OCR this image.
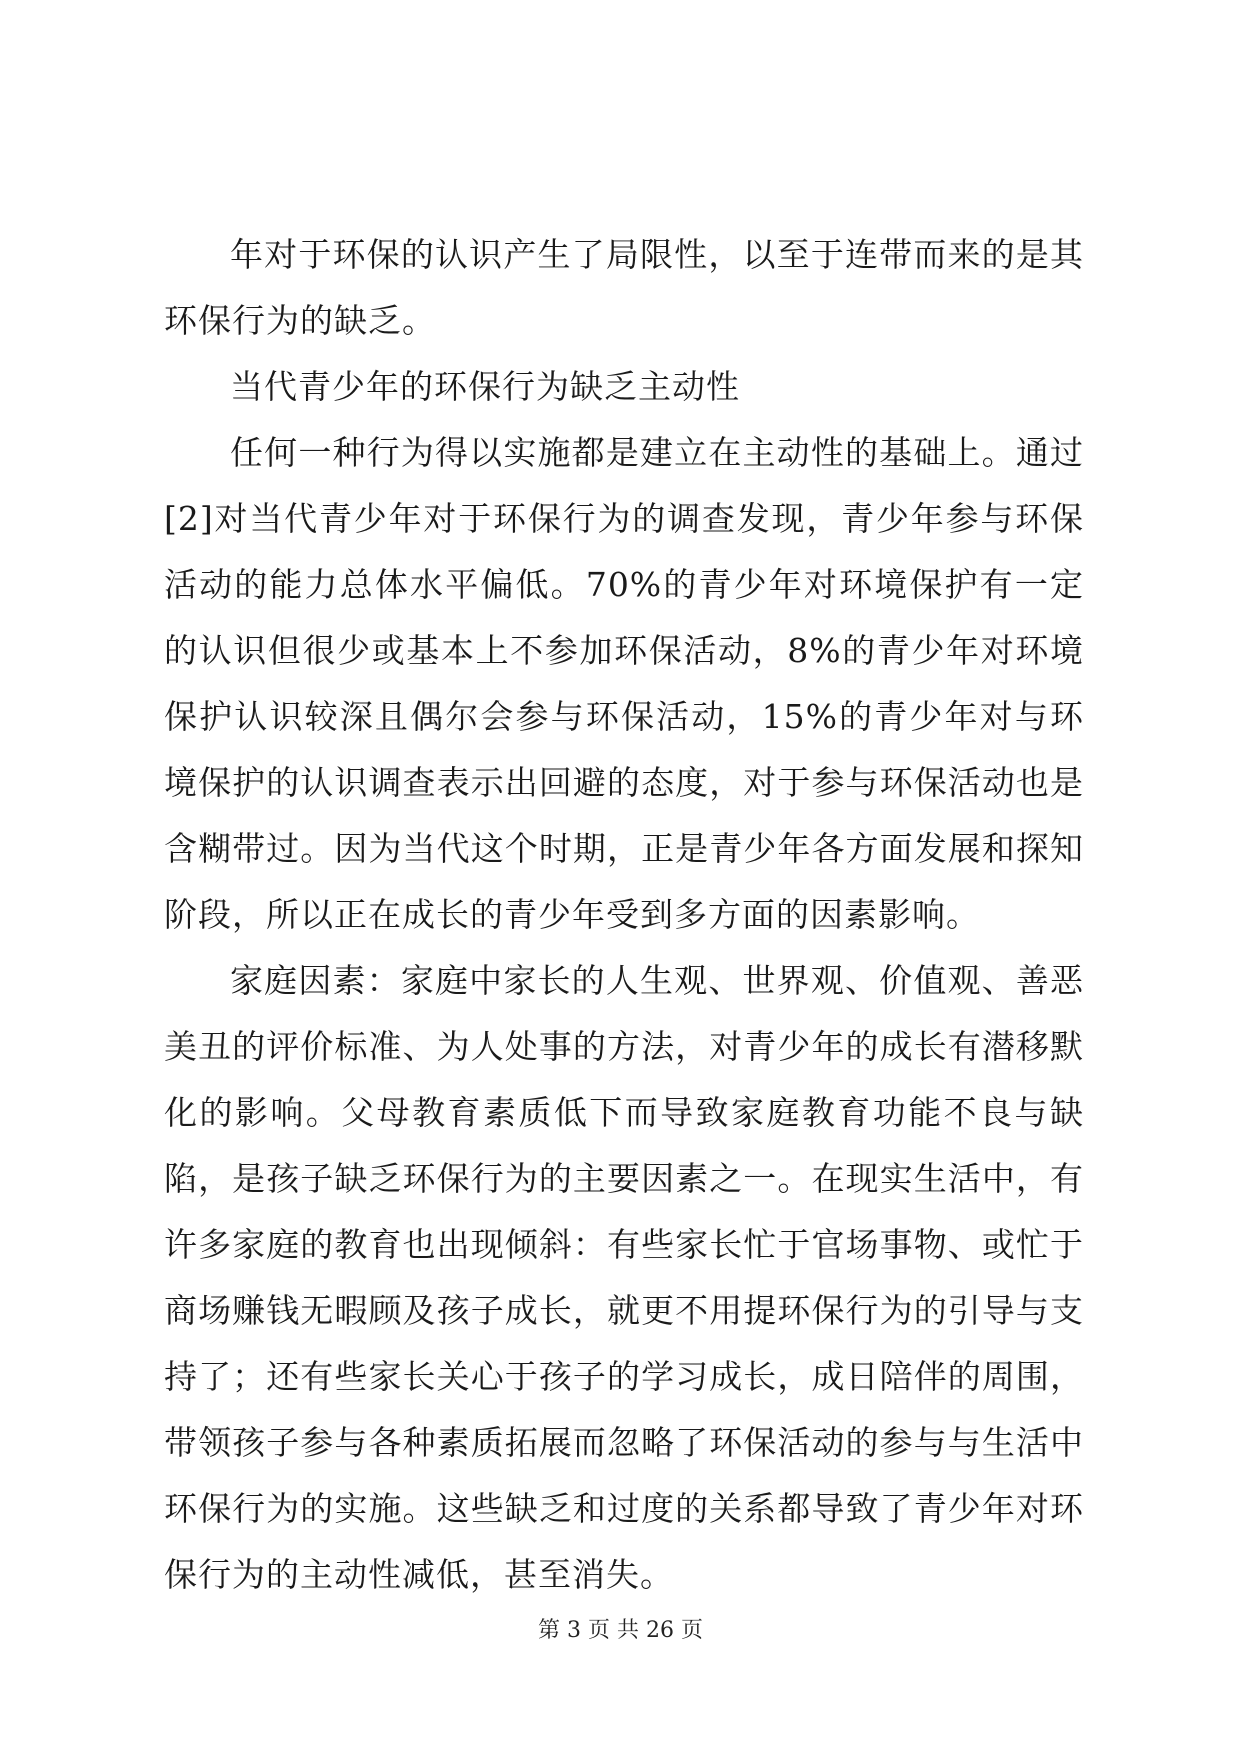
年对于环保的认识产生了局限性，以至于连带而来的是其环保行为的缺乏。

当代青少年的环保行为缺乏主动性

任何一种行为得以实施都是建立在主动性的基础上。通过[2]对当代青少年对于环保行为的调查发现，青少年参与环保活动的能力总体水平偏低。70%的青少年对环境保护有一定的认识但很少或基本上不参加环保活动，8%的青少年对环境保护认识较深且偶尔会参与环保活动，15%的青少年对与环境保护的认识调查表示出回避的态度，对于参与环保活动也是含糊带过。因为当代这个时期，正是青少年各方面发展和探知阶段，所以正在成长的青少年受到多方面的因素影响。

家庭因素：家庭中家长的人生观、世界观、价值观、善恶美丑的评价标准、为人处事的方法，对青少年的成长有潜移默化的影响。父母教育素质低下而导致家庭教育功能不良与缺陷，是孩子缺乏环保行为的主要因素之一。在现实生活中，有许多家庭的教育也出现倾斜：有些家长忙于官场事物、或忙于商场赚钱无暇顾及孩子成长，就更不用提环保行为的引导与支持了；还有些家长关心于孩子的学习成长，成日陪伴的周围，带领孩子参与各种素质拓展而忽略了环保活动的参与与生活中环保行为的实施。这些缺乏和过度的关系都导致了青少年对环保行为的主动性减低，甚至消失。

第 3 页 共 26 页
